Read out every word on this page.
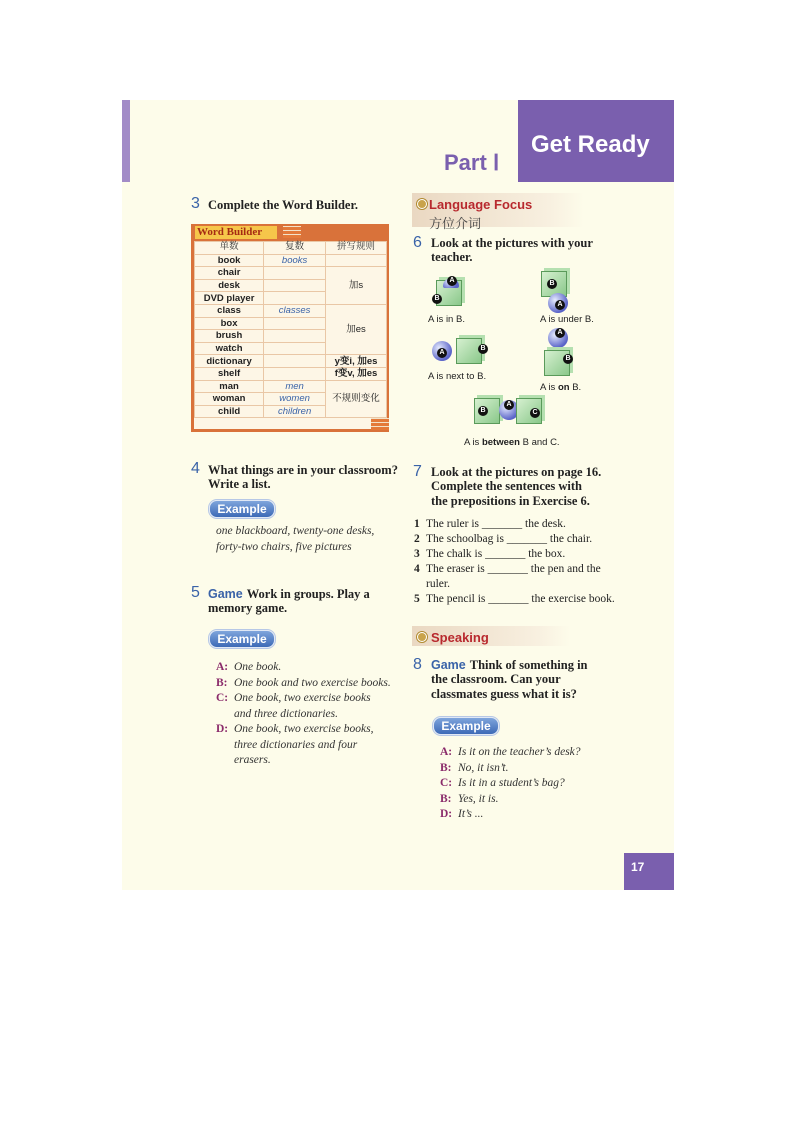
Get Ready
Part Ⅰ
3 Complete the Word Builder.
Word Builder
单数	复数	拼写规则
book	books	
chair		加s
desk		
DVD player		
class	classes	加es
box		
brush		
watch		
dictionary		y变i, 加es
shelf		f变v, 加es
man	men	不规则变化
woman	women	
child	children	
4 What things are in your classroom?
Write a list.
Example
one blackboard, twenty-one desks,
forty-two chairs, five pictures
5 Game Work in groups. Play a
memory game.
Example
A: One book.
B: One book and two exercise books.
C: One book, two exercise books
and three dictionaries.
D: One book, two exercise books,
three dictionaries and four
erasers.
Language Focus
方位介词
6 Look at the pictures with your
teacher.
A
B
A is in B.
B
A
A is under B.
A
B
A is next to B.
A
B
A is on B.
B
A
C
A is between B and C.
7 Look at the pictures on page 16.
Complete the sentences with
the prepositions in Exercise 6.
1 The ruler is _______ the desk.
2 The schoolbag is _______ the chair.
3 The chalk is _______ the box.
4 The eraser is _______ the pen and the
ruler.
5 The pencil is _______ the exercise book.
Speaking
8 Game Think of something in
the classroom. Can your
classmates guess what it is?
Example
A: Is it on the teacher’s desk?
B: No, it isn’t.
C: Is it in a student’s bag?
B: Yes, it is.
D: It’s ...
17
